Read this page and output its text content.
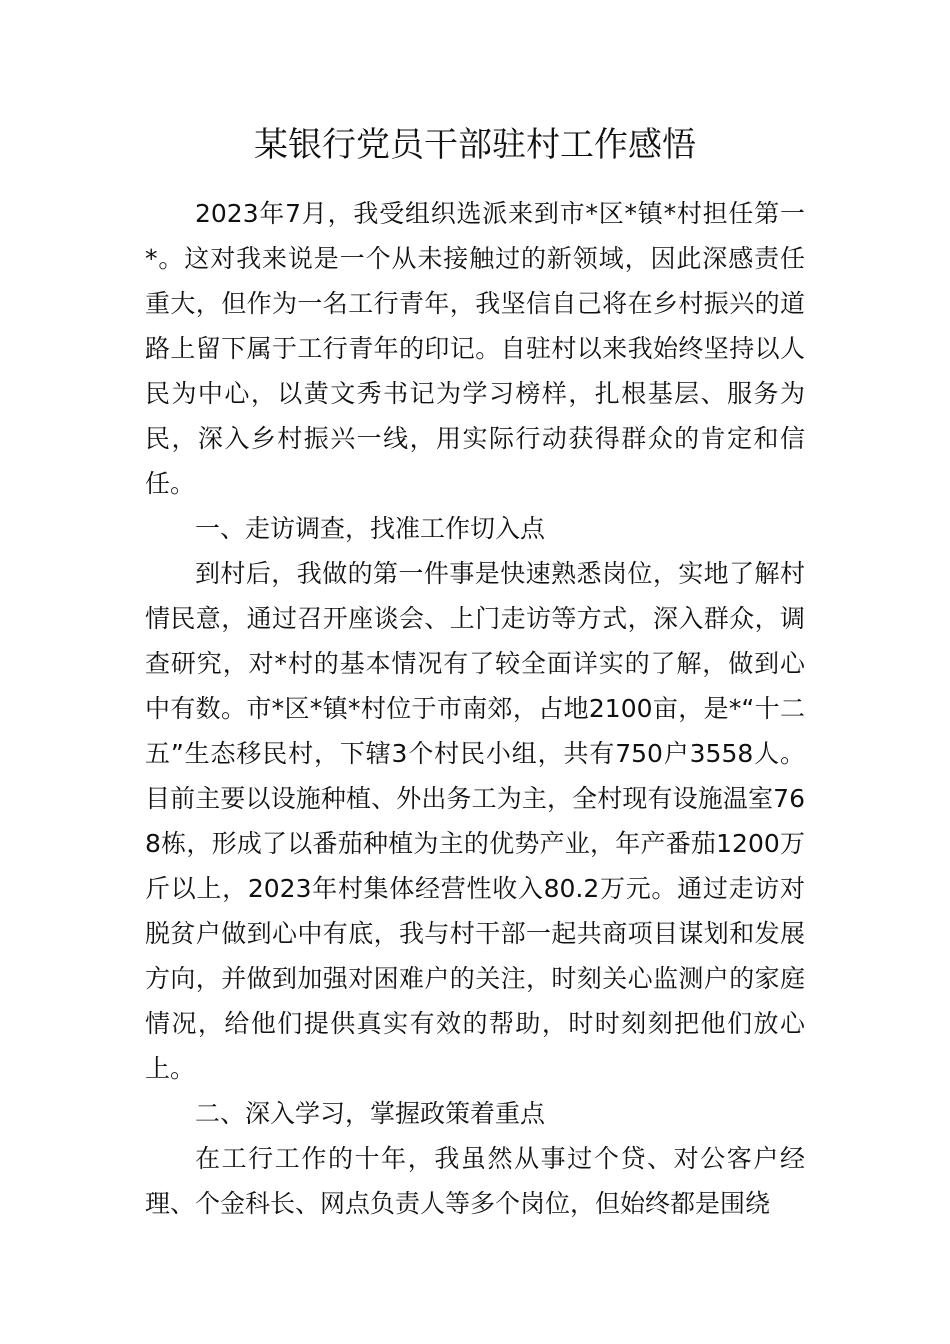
某银行党员干部驻村工作感悟

2023年7月，我受组织选派来到市*区*镇*村担任第一*。这对我来说是一个从未接触过的新领域，因此深感责任重大，但作为一名工行青年，我坚信自己将在乡村振兴的道路上留下属于工行青年的印记。自驻村以来我始终坚持以人民为中心，以黄文秀书记为学习榜样，扎根基层、服务为民，深入乡村振兴一线，用实际行动获得群众的肯定和信任。

一、走访调查，找准工作切入点

到村后，我做的第一件事是快速熟悉岗位，实地了解村情民意，通过召开座谈会、上门走访等方式，深入群众，调查研究，对*村的基本情况有了较全面详实的了解，做到心中有数。市*区*镇*村位于市南郊，占地2100亩，是*“十二五”生态移民村，下辖3个村民小组，共有750户3558人。目前主要以设施种植、外出务工为主，全村现有设施温室768栋，形成了以番茄种植为主的优势产业，年产番茄1200万斤以上，2023年村集体经营性收入80.2万元。通过走访对脱贫户做到心中有底，我与村干部一起共商项目谋划和发展方向，并做到加强对困难户的关注，时刻关心监测户的家庭情况，给他们提供真实有效的帮助，时时刻刻把他们放心上。

二、深入学习，掌握政策着重点

在工行工作的十年，我虽然从事过个贷、对公客户经理、个金科长、网点负责人等多个岗位，但始终都是围绕
